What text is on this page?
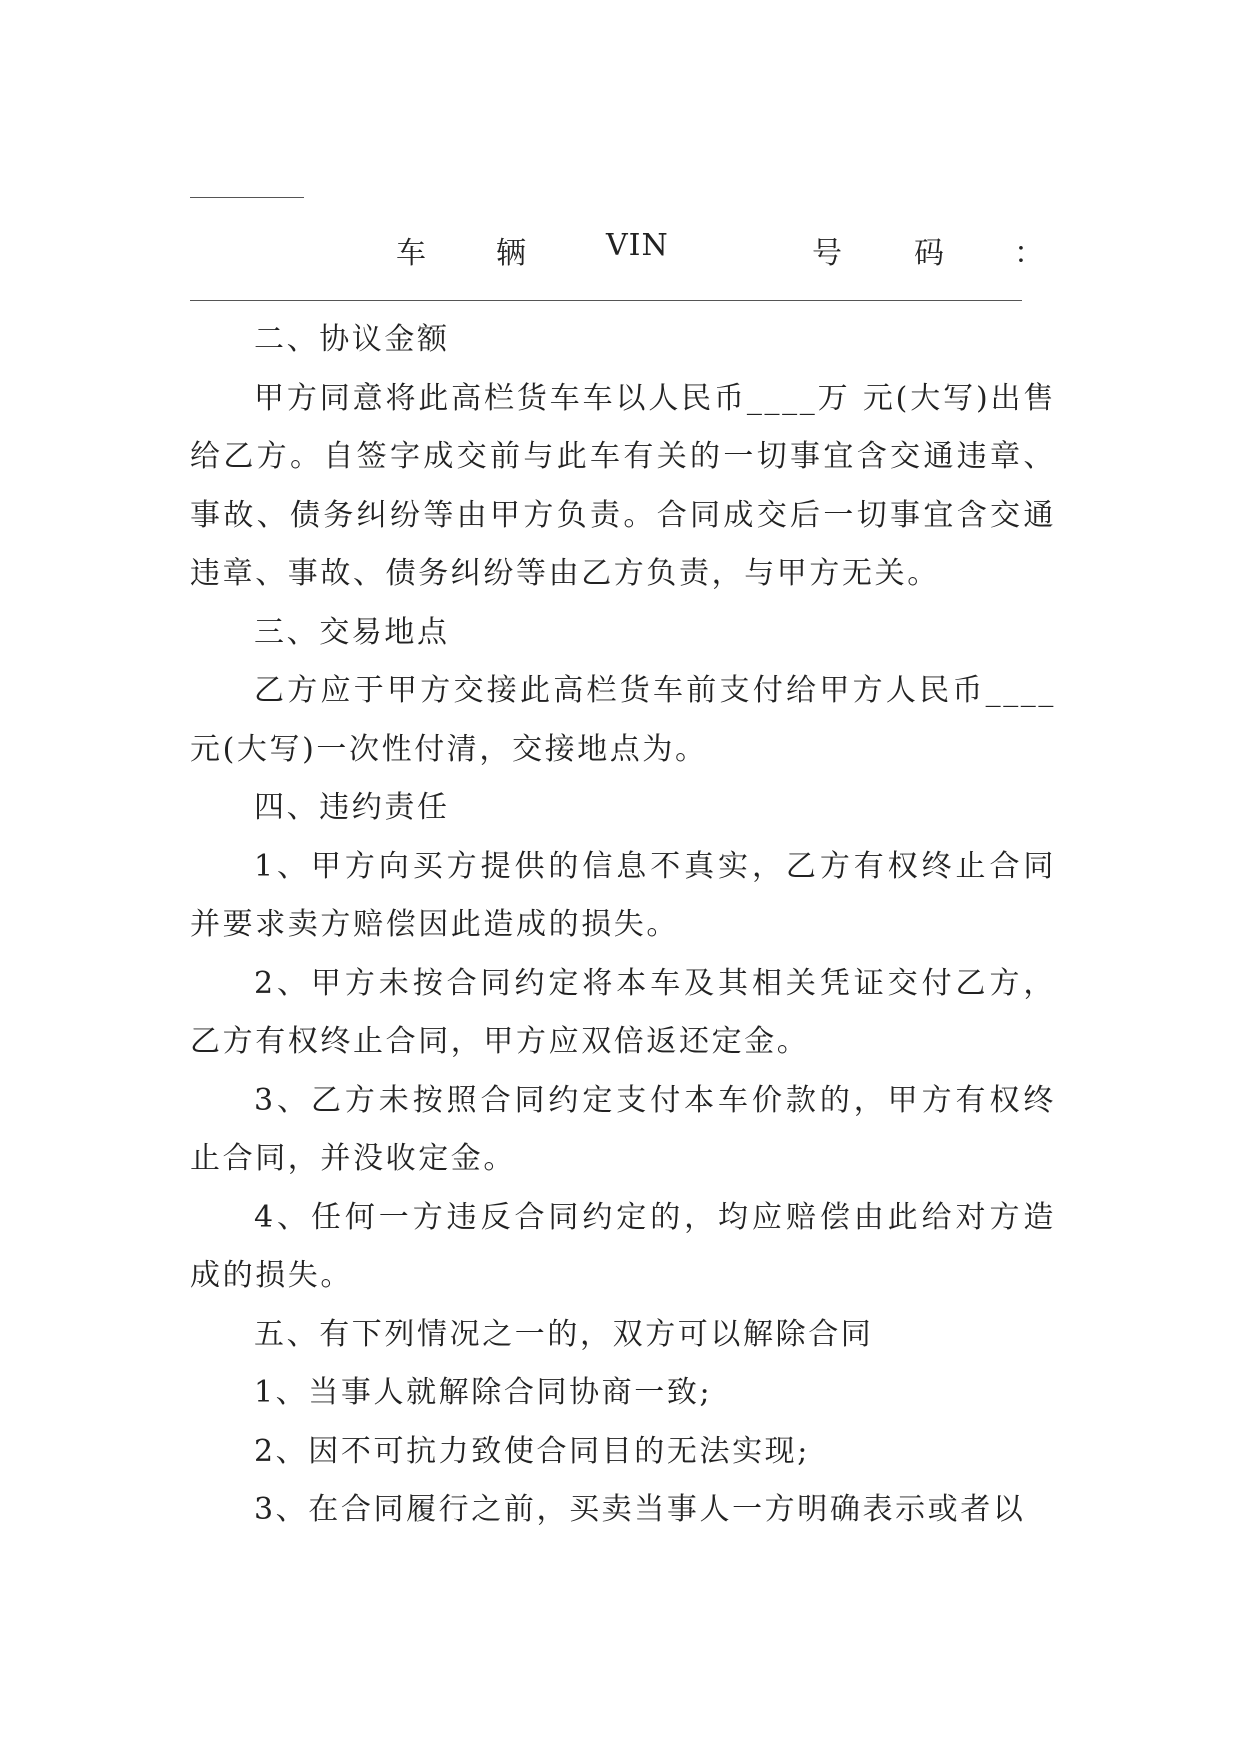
车 辆	VIN	号 码 ：

二、协议金额

甲方同意将此高栏货车车以人民币____万 元(大写)出售给乙方。自签字成交前与此车有关的一切事宜含交通违章、事故、债务纠纷等由甲方负责。合同成交后一切事宜含交通违章、事故、债务纠纷等由乙方负责，与甲方无关。

三、交易地点

乙方应于甲方交接此高栏货车前支付给甲方人民币____元(大写)一次性付清，交接地点为。

四、违约责任

1、甲方向买方提供的信息不真实，乙方有权终止合同并要求卖方赔偿因此造成的损失。

2、甲方未按合同约定将本车及其相关凭证交付乙方，乙方有权终止合同，甲方应双倍返还定金。

3、乙方未按照合同约定支付本车价款的，甲方有权终止合同，并没收定金。

4、任何一方违反合同约定的，均应赔偿由此给对方造成的损失。

五、有下列情况之一的，双方可以解除合同

1、当事人就解除合同协商一致;

2、因不可抗力致使合同目的无法实现;

3、在合同履行之前，买卖当事人一方明确表示或者以
